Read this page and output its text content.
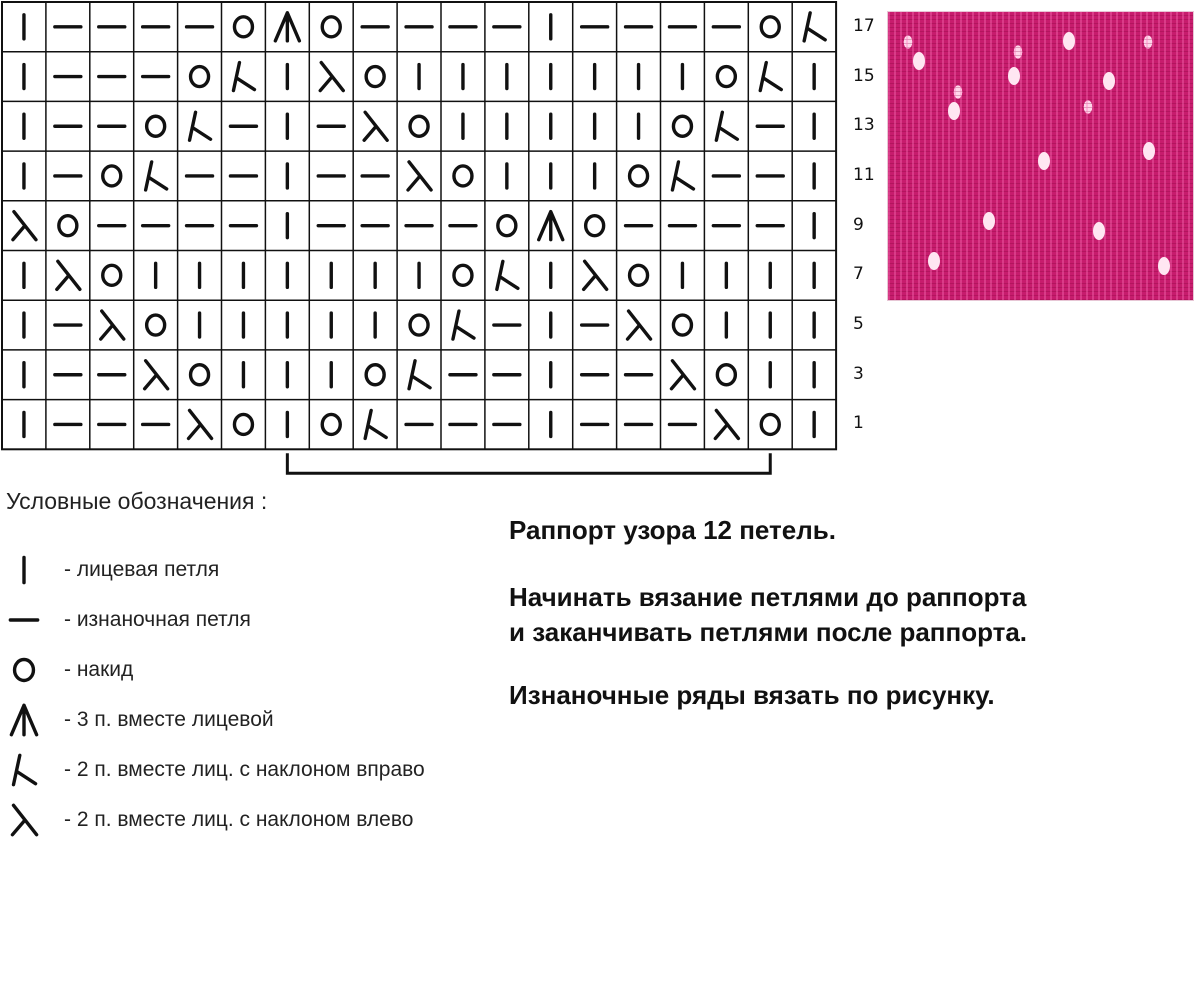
17
15
13
11
9
7
5
3
1
Условные обозначения :
- лицевая петля
- изнаночная петля
- накид
- 3 п. вместе лицевой
- 2 п. вместе лиц. с наклоном вправо
- 2 п. вместе лиц. с наклоном влево
Раппорт узора 12 петель.
Начинать вязание петлями до раппорта
и заканчивать петлями после раппорта.
Изнаночные ряды вязать по рисунку.
